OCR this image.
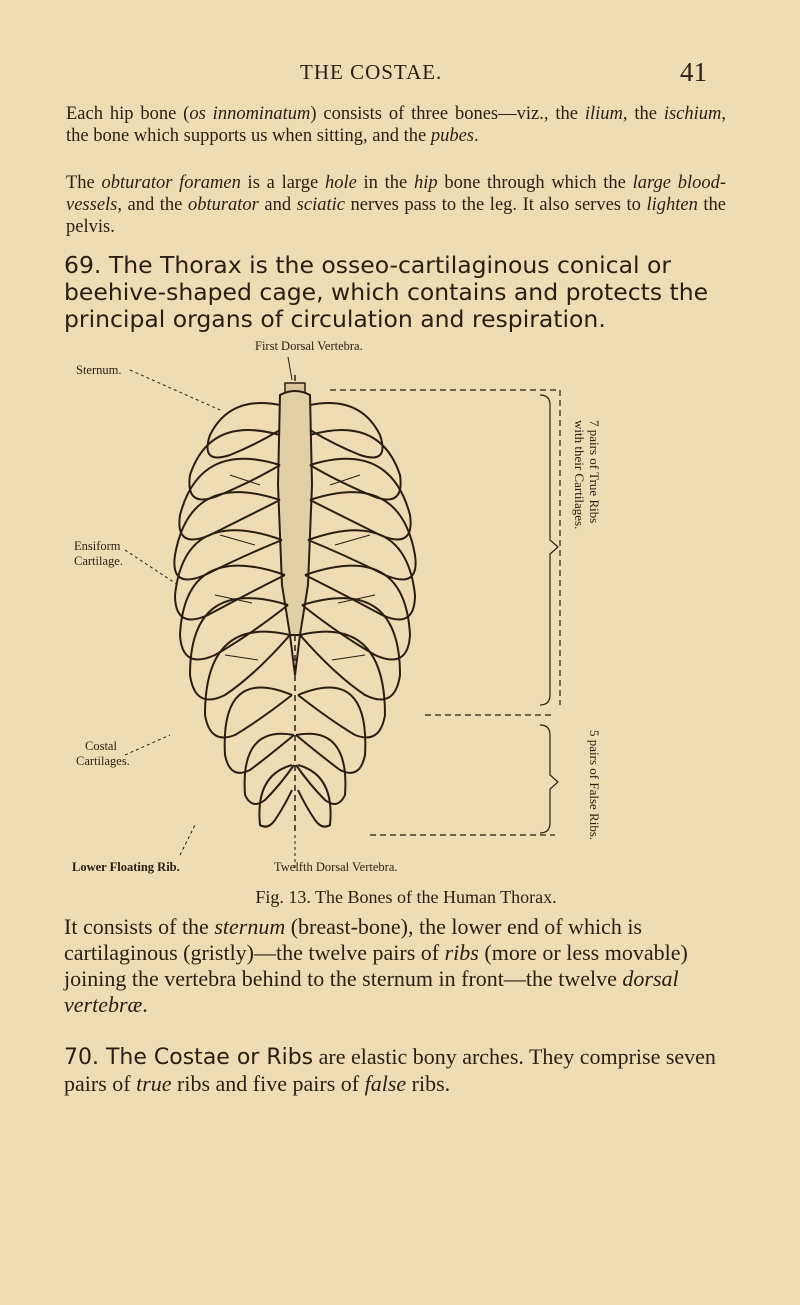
THE COSTAE.	41

Each hip bone (os innominatum) consists of three bones—viz., the ilium, the ischium, the bone which supports us when sitting, and the pubes.

The obturator foramen is a large hole in the hip bone through which the large blood-vessels, and the obturator and sciatic nerves pass to the leg. It also serves to lighten the pelvis.

69. The Thorax is the osseo-cartilaginous conical or beehive-shaped cage, which contains and protects the principal organs of circulation and respiration.

First Dorsal Vertebra.
Sternum.
Ensiform
Cartilage.
Costal
Cartilages.
Lower Floating Rib.	Twelfth Dorsal Vertebra.
7 pairs of True Ribs
with their Cartilages.
5 pairs of False Ribs.
Fig. 13. The Bones of the Human Thorax.

It consists of the sternum (breast-bone), the lower end of which is cartilaginous (gristly)—the twelve pairs of ribs (more or less movable) joining the vertebra behind to the sternum in front—the twelve dorsal vertebræ.

70. The Costae or Ribs are elastic bony arches. They comprise seven pairs of true ribs and five pairs of false ribs.
